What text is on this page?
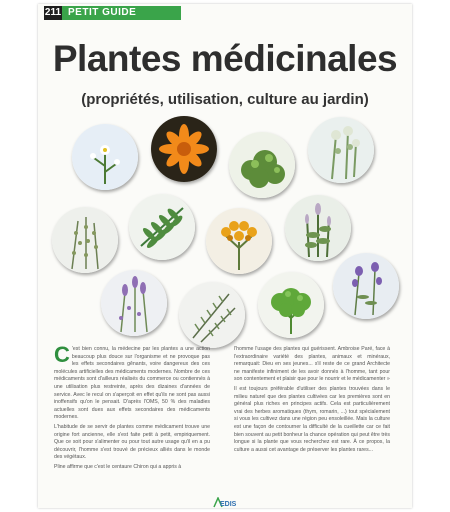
211 PETIT GUIDE
Plantes médicinales
(propriétés, utilisation, culture au jardin)

C 'est bien connu, la médecine par les plantes a une action beaucoup plus douce sur l'organisme et ne provoque pas les effets secondaires gênants, voire dangereux des ces molécules artificielles des médicaments modernes. Nombre de ces médicaments sont d'ailleurs réalisés du commerce ou contiennés à une utilisation plus restreinte, après des dizaines d'années de service. Avec le recul on s'aperçoit en effet qu'ils ne sont pas aussi inoffensifs qu'on le pensait. D'après l'OMS, 50 % des maladies actuelles sont dues aux effets secondaires des médicaments modernes.

L'habitude de se servir de plantes comme médicament trouve une origine fort ancienne, elle s'est faite petit à petit, empiriquement. Que ce soit pour s'alimenter ou pour tout autre usage qu'il en a pu découvrir, l'homme s'est trouvé de précieux alliés dans le monde des végétaux.

Pline affirme que c'est le centaure Chiron qui a appris à

l'homme l'usage des plantes qui guérissent. Ambroise Paré, face à l'extraordinaire variété des plantes, animaux et minéraux, remarquait: Dieu en ses jeunes... s'il reste de ce grand Architecte ne manifeste infiniment de les avoir donnés à l'homme, tant pour son contentement et plaisir que pour le nourrir et le médicamenter »

Il est toujours préférable d'utiliser des plantes trouvées dans le milieu naturel que des plantes cultivées car les premières sont en général plus riches en principes actifs. Cela est particulièrement vrai des herbes aromatiques (thym, romarin, ...) tout spécialement si vous les cultivez dans une région peu ensoleillée. Mais la culture est une façon de contourner la difficulté de la cueillette car ce fait bien souvent au petit bonheur la chance opération qui peut être très longue si la plante que vous recherchez est rare. À ce propos, la culture a aussi cet avantage de préserver les plantes rares...

EDIS
